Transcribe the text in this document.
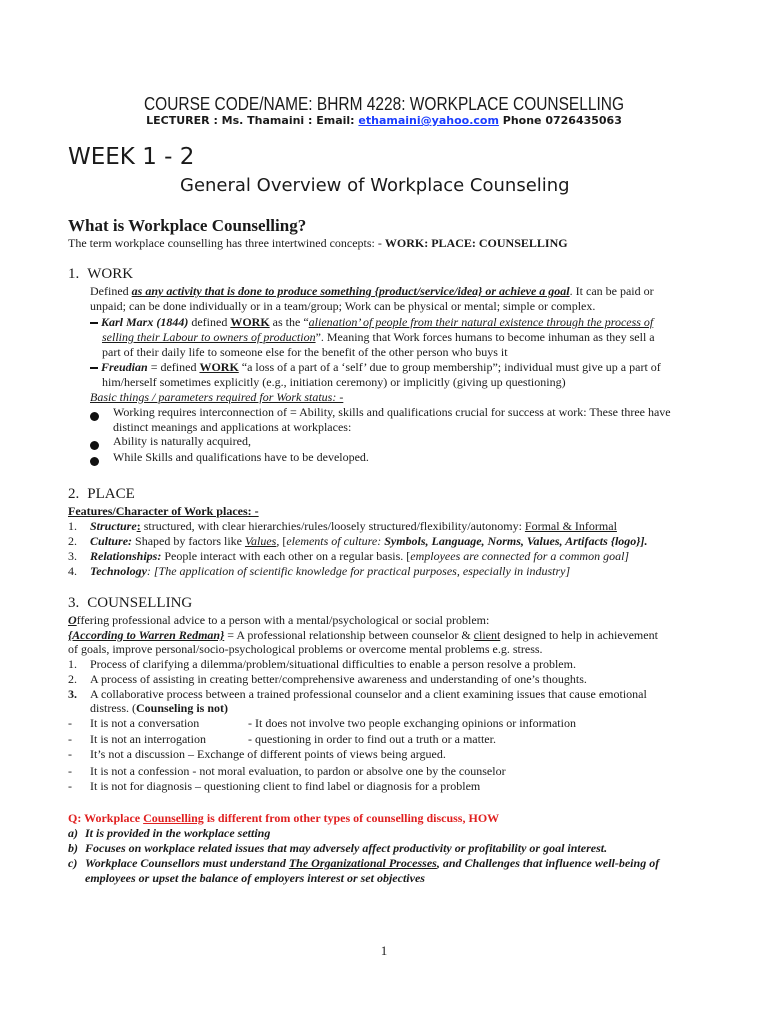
COURSE CODE/NAME: BHRM 4228: WORKPLACE COUNSELLING
LECTURER : Ms. Thamaini : Email: ethamaini@yahoo.com Phone 0726435063
WEEK 1 - 2
General Overview of Workplace Counseling
What is Workplace Counselling?
The term workplace counselling has three intertwined concepts: - WORK: PLACE: COUNSELLING
1. WORK
Defined as any activity that is done to produce something {product/service/idea} or achieve a goal. It can be paid or
unpaid; can be done individually or in a team/group; Work can be physical or mental; simple or complex.
Karl Marx (1844) defined WORK as the “alienation’ of people from their natural existence through the process of
selling their Labour to owners of production”. Meaning that Work forces humans to become inhuman as they sell a
part of their daily life to someone else for the benefit of the other person who buys it
Freudian = defined WORK “a loss of a part of a ‘self’ due to group membership”; individual must give up a part of
him/herself sometimes explicitly (e.g., initiation ceremony) or implicitly (giving up questioning)
Basic things / parameters required for Work status: -
Working requires interconnection of = Ability, skills and qualifications crucial for success at work: These three have
distinct meanings and applications at workplaces:
Ability is naturally acquired,
While Skills and qualifications have to be developed.
2. PLACE
Features/Character of Work places: -
1. Structure: structured, with clear hierarchies/rules/loosely structured/flexibility/autonomy: Formal & Informal
2. Culture: Shaped by factors like Values, [elements of culture: Symbols, Language, Norms, Values, Artifacts {logo}].
3. Relationships: People interact with each other on a regular basis. [employees are connected for a common goal]
4. Technology: [The application of scientific knowledge for practical purposes, especially in industry]
3. COUNSELLING
Offering professional advice to a person with a mental/psychological or social problem:
{According to Warren Redman} = A professional relationship between counselor & client designed to help in achievement
of goals, improve personal/socio-psychological problems or overcome mental problems e.g. stress.
1. Process of clarifying a dilemma/problem/situational difficulties to enable a person resolve a problem.
2. A process of assisting in creating better/comprehensive awareness and understanding of one’s thoughts.
3. A collaborative process between a trained professional counselor and a client examining issues that cause emotional
distress. (Counseling is not)
- It is not a conversation	- It does not involve two people exchanging opinions or information
- It is not an interrogation	- questioning in order to find out a truth or a matter.
- It’s not a discussion – Exchange of different points of views being argued.
- It is not a confession - not moral evaluation, to pardon or absolve one by the counselor
- It is not for diagnosis – questioning client to find label or diagnosis for a problem
Q: Workplace Counselling is different from other types of counselling discuss, HOW
a) It is provided in the workplace setting
b) Focuses on workplace related issues that may adversely affect productivity or profitability or goal interest.
c) Workplace Counsellors must understand The Organizational Processes, and Challenges that influence well-being of
employees or upset the balance of employers interest or set objectives
1
